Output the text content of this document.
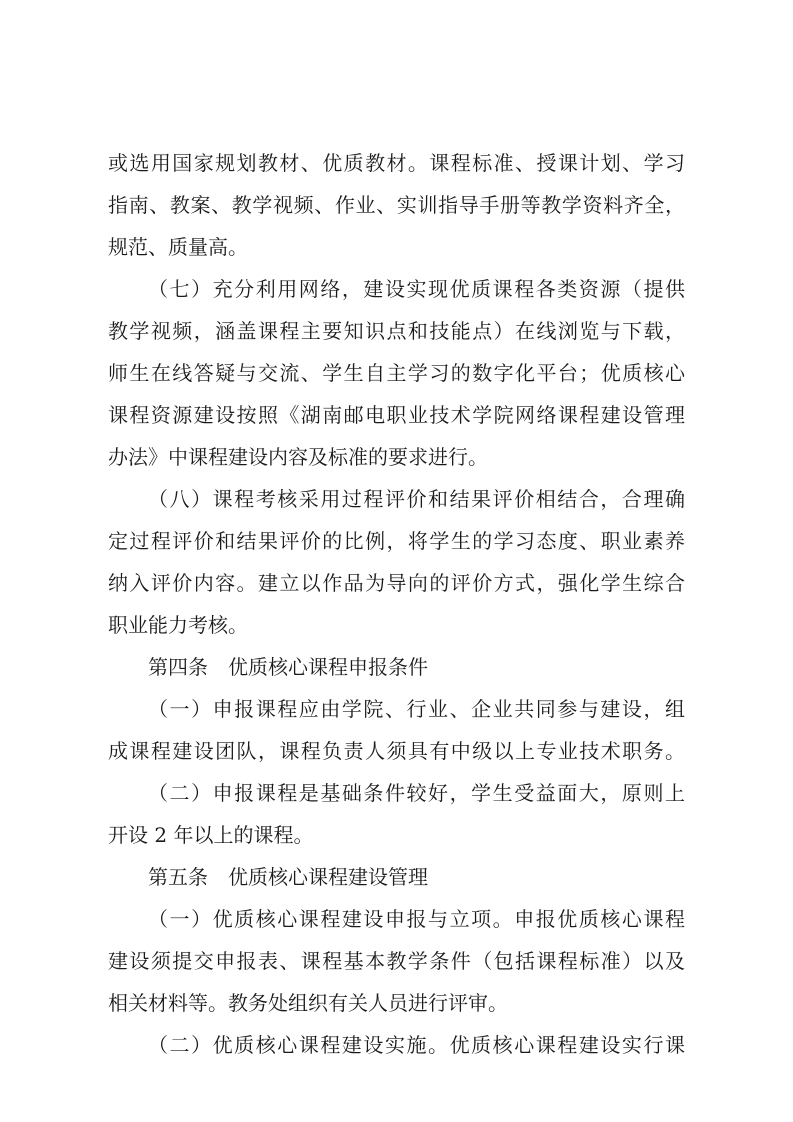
或选用国家规划教材、优质教材。课程标准、授课计划、学习
指南、教案、教学视频、作业、实训指导手册等教学资料齐全，
规范、质量高。
（七）充分利用网络，建设实现优质课程各类资源（提供
教学视频，涵盖课程主要知识点和技能点）在线浏览与下载，
师生在线答疑与交流、学生自主学习的数字化平台；优质核心
课程资源建设按照《湖南邮电职业技术学院网络课程建设管理
办法》中课程建设内容及标准的要求进行。
（八）课程考核采用过程评价和结果评价相结合，合理确
定过程评价和结果评价的比例，将学生的学习态度、职业素养
纳入评价内容。建立以作品为导向的评价方式，强化学生综合
职业能力考核。
第四条　优质核心课程申报条件
（一）申报课程应由学院、行业、企业共同参与建设，组
成课程建设团队，课程负责人须具有中级以上专业技术职务。
（二）申报课程是基础条件较好，学生受益面大，原则上
开设 2 年以上的课程。
第五条　优质核心课程建设管理
（一）优质核心课程建设申报与立项。申报优质核心课程
建设须提交申报表、课程基本教学条件（包括课程标准）以及
相关材料等。教务处组织有关人员进行评审。
（二）优质核心课程建设实施。优质核心课程建设实行课
